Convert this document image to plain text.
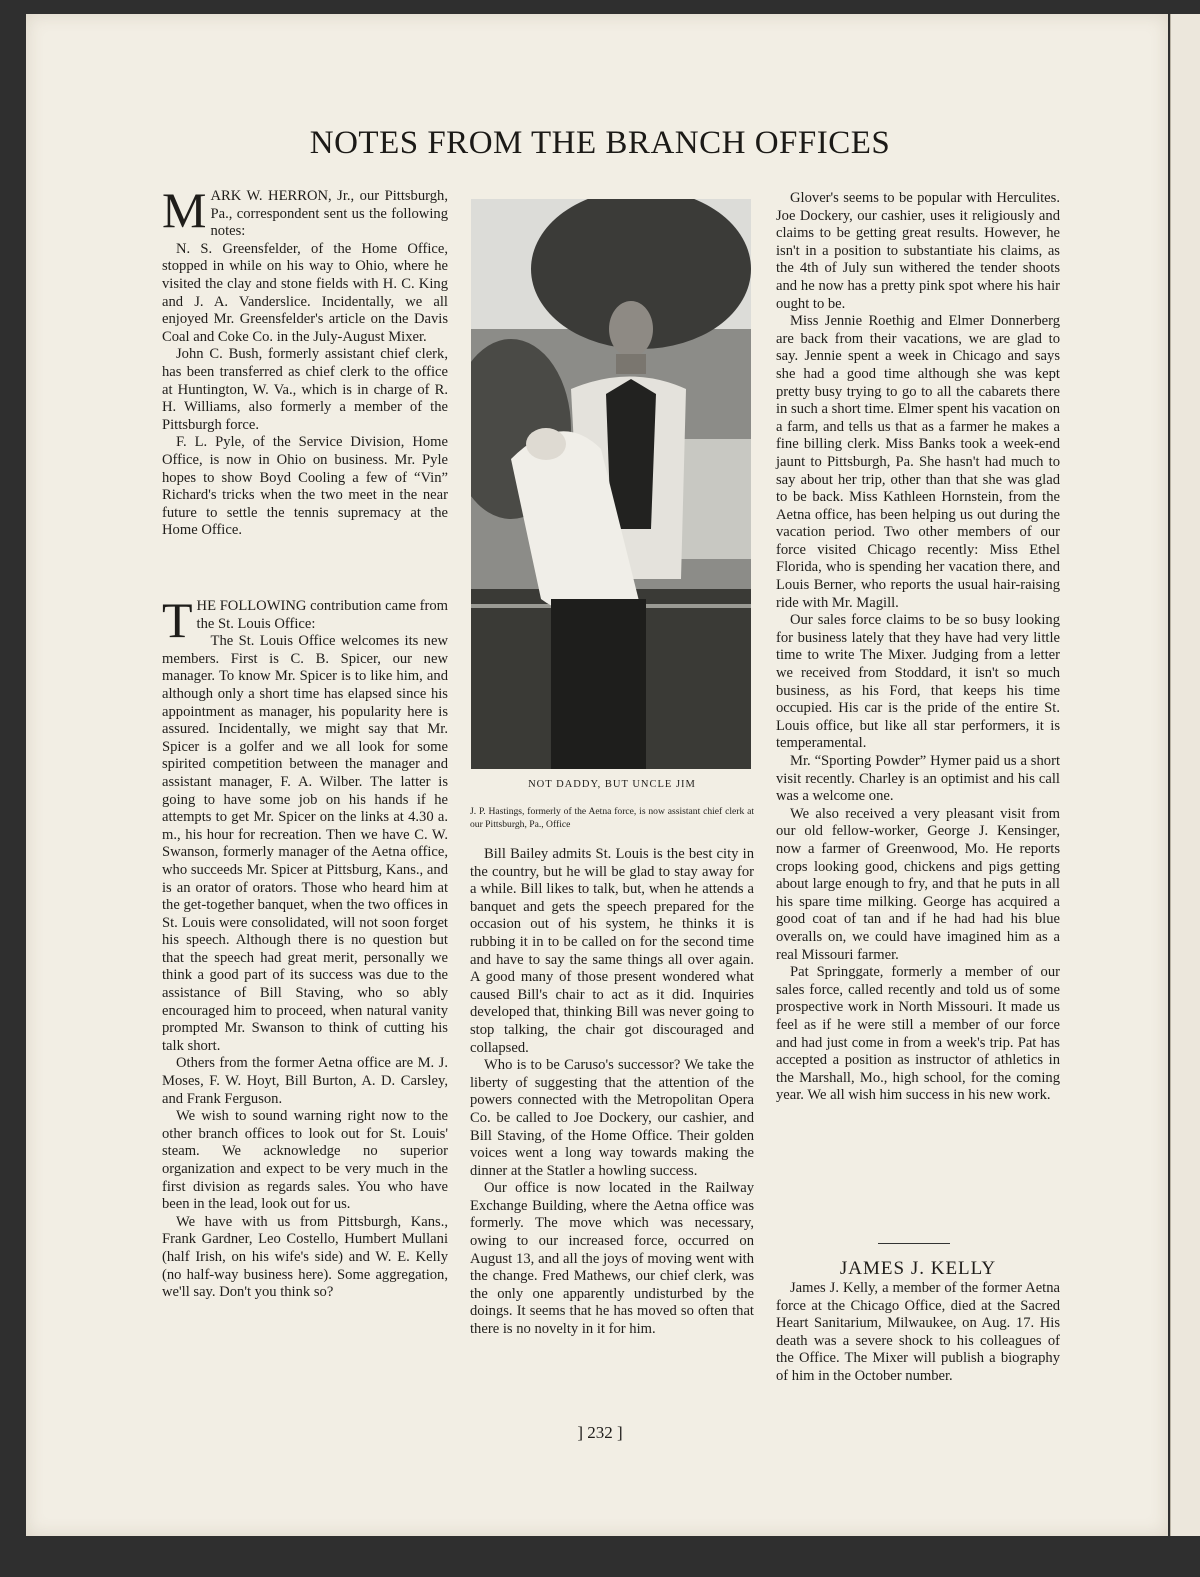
NOTES FROM THE BRANCH OFFICES

MARK W. HERRON, Jr., our Pittsburgh, Pa., correspondent sent us the following notes:

N. S. Greensfelder, of the Home Office, stopped in while on his way to Ohio, where he visited the clay and stone fields with H. C. King and J. A. Vanderslice. Incidentally, we all enjoyed Mr. Greensfelder's article on the Davis Coal and Coke Co. in the July-August Mixer.

John C. Bush, formerly assistant chief clerk, has been transferred as chief clerk to the office at Huntington, W. Va., which is in charge of R. H. Williams, also formerly a member of the Pittsburgh force.

F. L. Pyle, of the Service Division, Home Office, is now in Ohio on business. Mr. Pyle hopes to show Boyd Cooling a few of “Vin” Richard's tricks when the two meet in the near future to settle the tennis supremacy at the Home Office.

THE FOLLOWING contribution came from the St. Louis Office:

The St. Louis Office welcomes its new members. First is C. B. Spicer, our new manager. To know Mr. Spicer is to like him, and although only a short time has elapsed since his appointment as manager, his popularity here is assured. Incidentally, we might say that Mr. Spicer is a golfer and we all look for some spirited competition between the manager and assistant manager, F. A. Wilber. The latter is going to have some job on his hands if he attempts to get Mr. Spicer on the links at 4.30 a. m., his hour for recreation. Then we have C. W. Swanson, formerly manager of the Aetna office, who succeeds Mr. Spicer at Pittsburg, Kans., and is an orator of orators. Those who heard him at the get-together banquet, when the two offices in St. Louis were consolidated, will not soon forget his speech. Although there is no question but that the speech had great merit, personally we think a good part of its success was due to the assistance of Bill Staving, who so ably encouraged him to proceed, when natural vanity prompted Mr. Swanson to think of cutting his talk short.

Others from the former Aetna office are M. J. Moses, F. W. Hoyt, Bill Burton, A. D. Carsley, and Frank Ferguson.

We wish to sound warning right now to the other branch offices to look out for St. Louis' steam. We acknowledge no superior organization and expect to be very much in the first division as regards sales. You who have been in the lead, look out for us.

We have with us from Pittsburgh, Kans., Frank Gardner, Leo Costello, Humbert Mullani (half Irish, on his wife's side) and W. E. Kelly (no half-way business here). Some aggregation, we'll say. Don't you think so?

NOT DADDY, BUT UNCLE JIM
J. P. Hastings, formerly of the Aetna force, is now assistant chief clerk at our Pittsburgh, Pa., Office

Bill Bailey admits St. Louis is the best city in the country, but he will be glad to stay away for a while. Bill likes to talk, but, when he attends a banquet and gets the speech prepared for the occasion out of his system, he thinks it is rubbing it in to be called on for the second time and have to say the same things all over again. A good many of those present wondered what caused Bill's chair to act as it did. Inquiries developed that, thinking Bill was never going to stop talking, the chair got discouraged and collapsed.

Who is to be Caruso's successor? We take the liberty of suggesting that the attention of the powers connected with the Metropolitan Opera Co. be called to Joe Dockery, our cashier, and Bill Staving, of the Home Office. Their golden voices went a long way towards making the dinner at the Statler a howling success.

Our office is now located in the Railway Exchange Building, where the Aetna office was formerly. The move which was necessary, owing to our increased force, occurred on August 13, and all the joys of moving went with the change. Fred Mathews, our chief clerk, was the only one apparently undisturbed by the doings. It seems that he has moved so often that there is no novelty in it for him.

Glover's seems to be popular with Herculites. Joe Dockery, our cashier, uses it religiously and claims to be getting great results. However, he isn't in a position to substantiate his claims, as the 4th of July sun withered the tender shoots and he now has a pretty pink spot where his hair ought to be.

Miss Jennie Roethig and Elmer Donnerberg are back from their vacations, we are glad to say. Jennie spent a week in Chicago and says she had a good time although she was kept pretty busy trying to go to all the cabarets there in such a short time. Elmer spent his vacation on a farm, and tells us that as a farmer he makes a fine billing clerk. Miss Banks took a week-end jaunt to Pittsburgh, Pa. She hasn't had much to say about her trip, other than that she was glad to be back. Miss Kathleen Hornstein, from the Aetna office, has been helping us out during the vacation period. Two other members of our force visited Chicago recently: Miss Ethel Florida, who is spending her vacation there, and Louis Berner, who reports the usual hair-raising ride with Mr. Magill.

Our sales force claims to be so busy looking for business lately that they have had very little time to write The Mixer. Judging from a letter we received from Stoddard, it isn't so much business, as his Ford, that keeps his time occupied. His car is the pride of the entire St. Louis office, but like all star performers, it is temperamental.

Mr. “Sporting Powder” Hymer paid us a short visit recently. Charley is an optimist and his call was a welcome one.

We also received a very pleasant visit from our old fellow-worker, George J. Kensinger, now a farmer of Greenwood, Mo. He reports crops looking good, chickens and pigs getting about large enough to fry, and that he puts in all his spare time milking. George has acquired a good coat of tan and if he had had his blue overalls on, we could have imagined him as a real Missouri farmer.

Pat Springgate, formerly a member of our sales force, called recently and told us of some prospective work in North Missouri. It made us feel as if he were still a member of our force and had just come in from a week's trip. Pat has accepted a position as instructor of athletics in the Marshall, Mo., high school, for the coming year. We all wish him success in his new work.

JAMES J. KELLY

James J. Kelly, a member of the former Aetna force at the Chicago Office, died at the Sacred Heart Sanitarium, Milwaukee, on Aug. 17. His death was a severe shock to his colleagues of the Office. The Mixer will publish a biography of him in the October number.

] 232 ]
